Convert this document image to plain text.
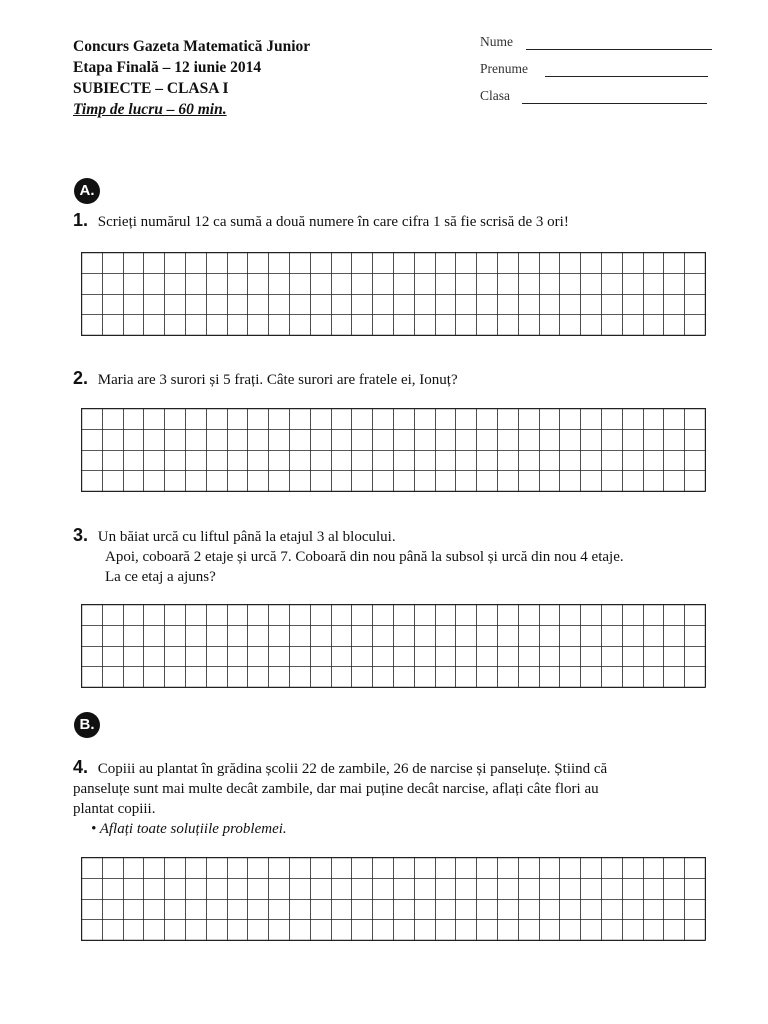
Concurs Gazeta Matematică Junior
Etapa Finală – 12 iunie 2014
SUBIECTE – CLASA I
Timp de lucru – 60 min.
Nume
Prenume
Clasa
A.
1. Scrieți numărul 12 ca sumă a două numere în care cifra 1 să fie scrisă de 3 ori!
2. Maria are 3 surori și 5 frați. Câte surori are fratele ei, Ionuț?
3. Un băiat urcă cu liftul până la etajul 3 al blocului.
Apoi, coboară 2 etaje și urcă 7. Coboară din nou până la subsol și urcă din nou 4 etaje.
La ce etaj a ajuns?
B.
4. Copiii au plantat în grădina școlii 22 de zambile, 26 de narcise și panseluțe. Știind că
panseluțe sunt mai multe decât zambile, dar mai puține decât narcise, aflați câte flori au
plantat copiii.
• Aflați toate soluțiile problemei.
